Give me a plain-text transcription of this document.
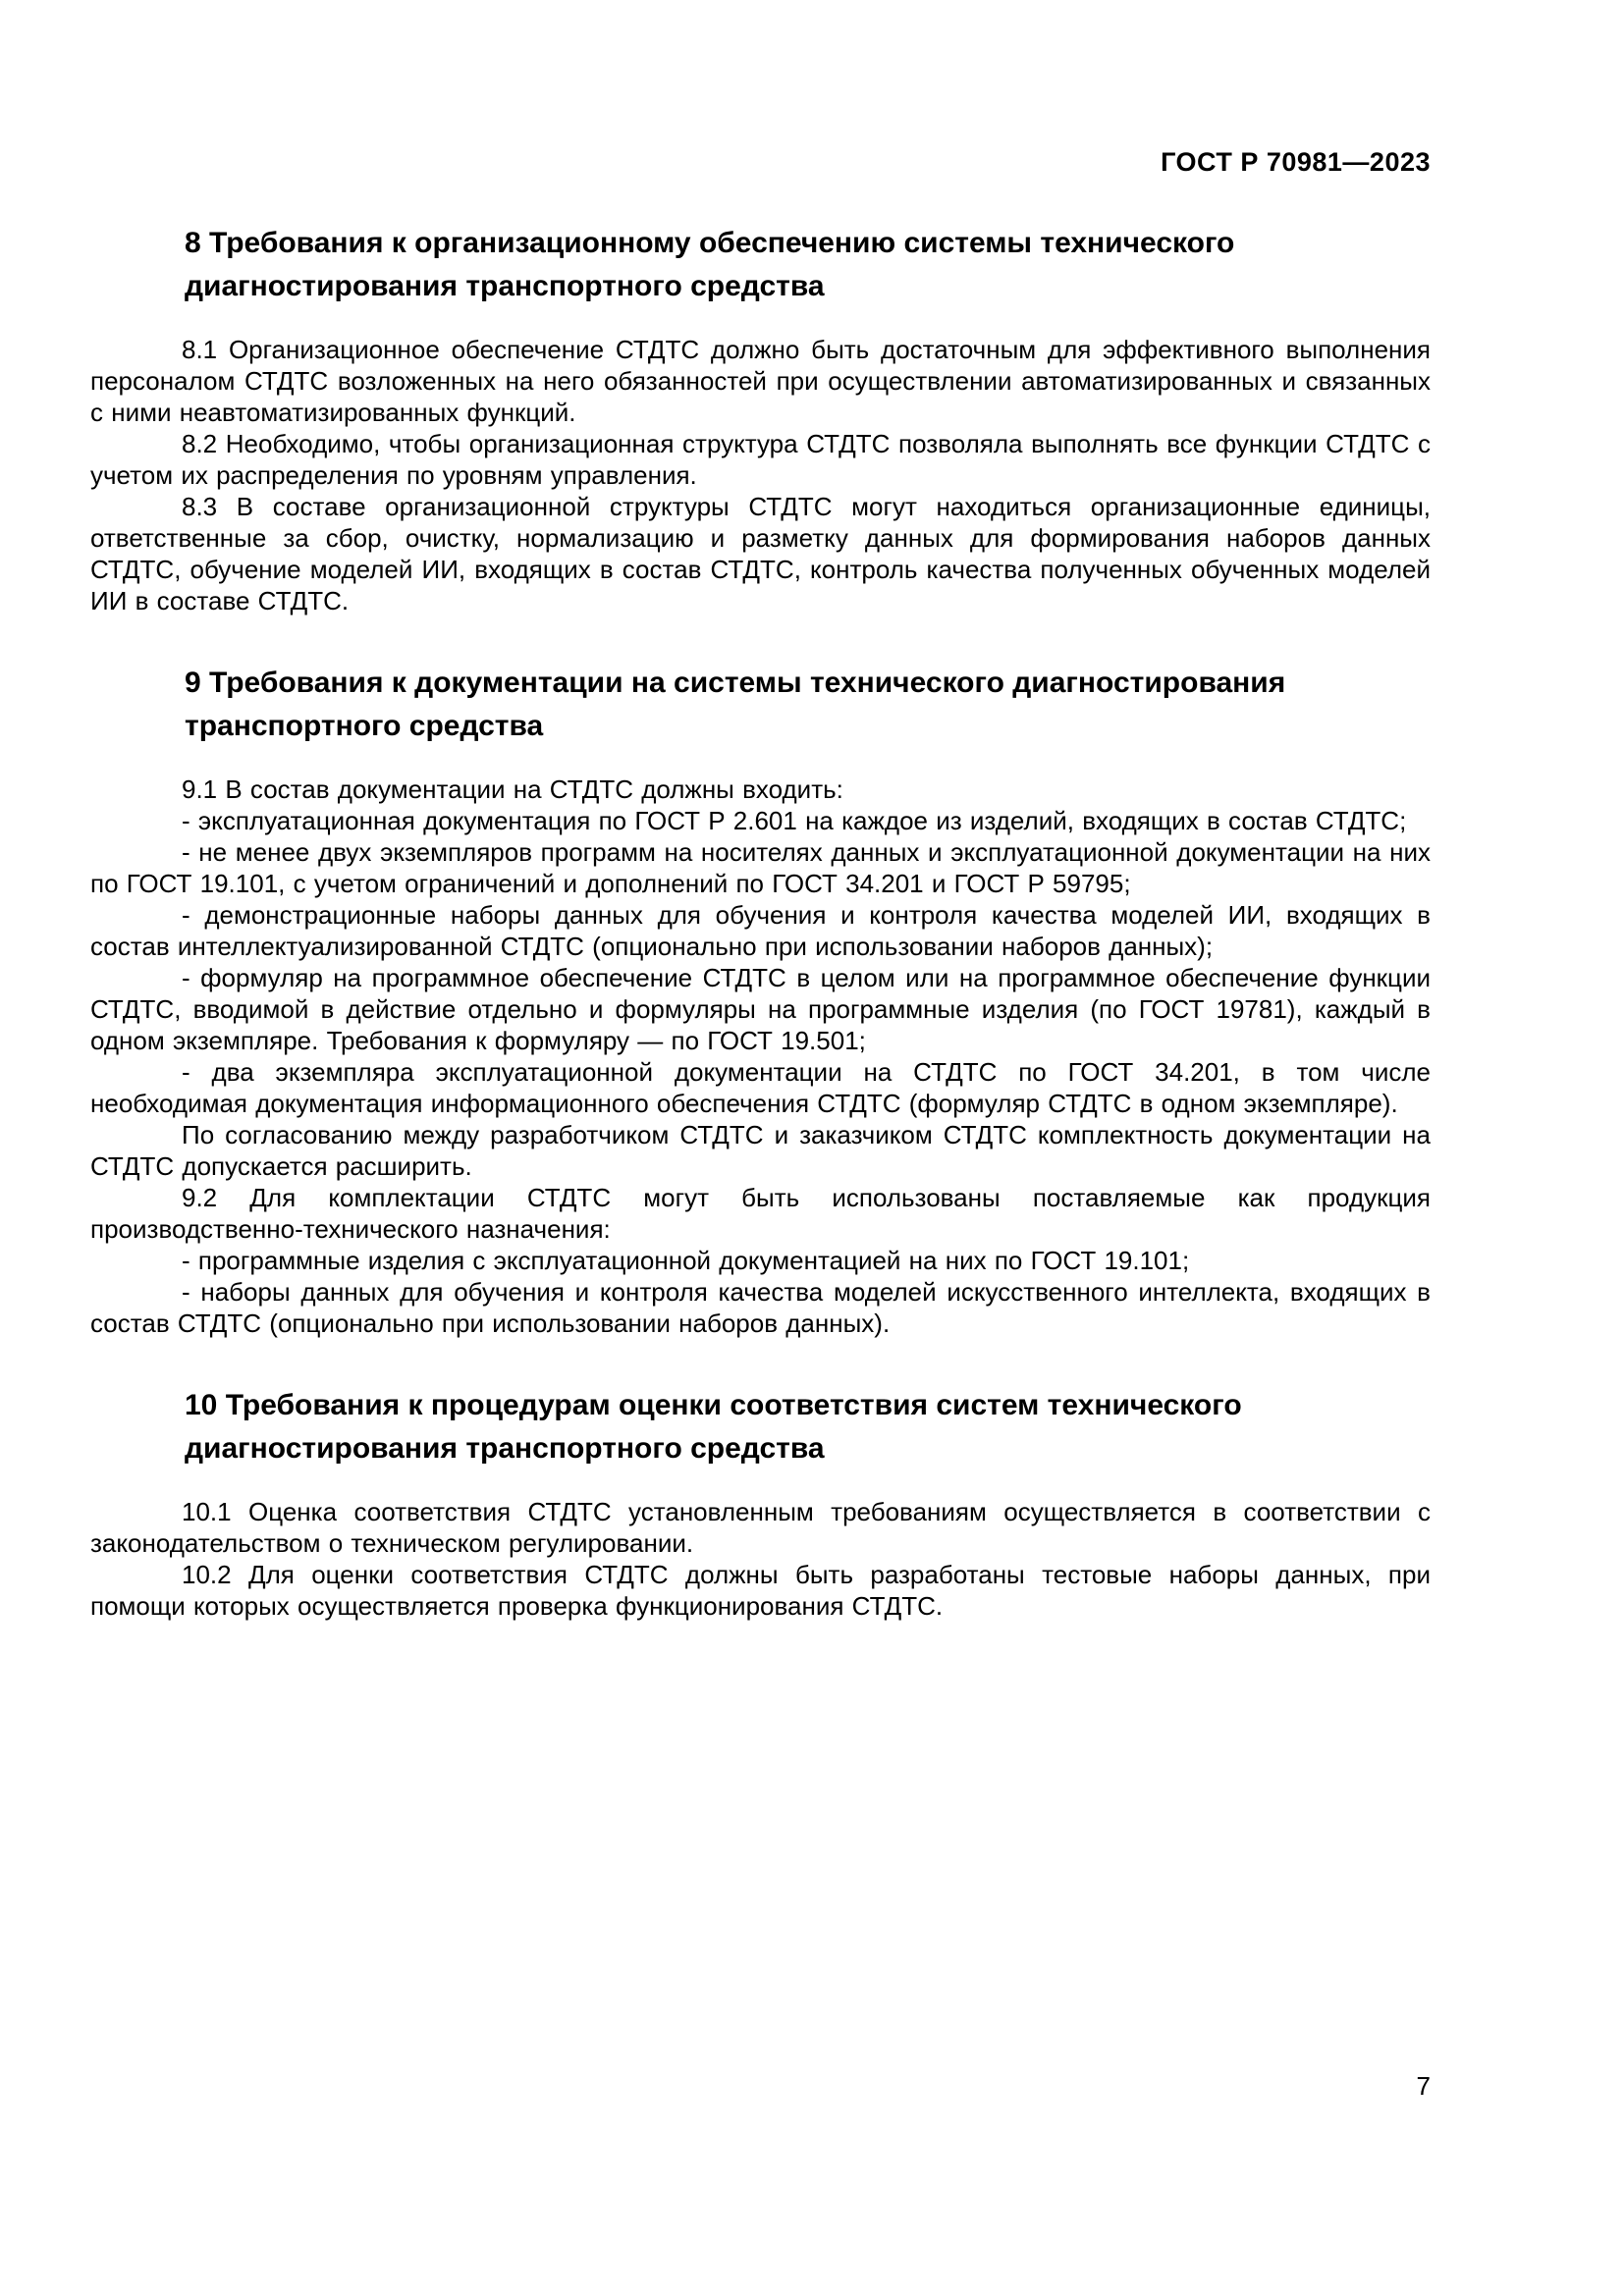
ГОСТ Р 70981—2023
8 Требования к организационному обеспечению системы технического диагностирования транспортного средства

8.1 Организационное обеспечение СТДТС должно быть достаточным для эффективного выполнения персоналом СТДТС возложенных на него обязанностей при осуществлении автоматизированных и связанных с ними неавтоматизированных функций.

8.2 Необходимо, чтобы организационная структура СТДТС позволяла выполнять все функции СТДТС с учетом их распределения по уровням управления.

8.3 В составе организационной структуры СТДТС могут находиться организационные единицы, ответственные за сбор, очистку, нормализацию и разметку данных для формирования наборов данных СТДТС, обучение моделей ИИ, входящих в состав СТДТС, контроль качества полученных обученных моделей ИИ в составе СТДТС.

9 Требования к документации на системы технического диагностирования транспортного средства

9.1 В состав документации на СТДТС должны входить:

- эксплуатационная документация по ГОСТ Р 2.601 на каждое из изделий, входящих в состав СТДТС;

- не менее двух экземпляров программ на носителях данных и эксплуатационной документации на них по ГОСТ 19.101, с учетом ограничений и дополнений по ГОСТ 34.201 и ГОСТ Р 59795;

- демонстрационные наборы данных для обучения и контроля качества моделей ИИ, входящих в состав интеллектуализированной СТДТС (опционально при использовании наборов данных);

- формуляр на программное обеспечение СТДТС в целом или на программное обеспечение функции СТДТС, вводимой в действие отдельно и формуляры на программные изделия (по ГОСТ 19781), каждый в одном экземпляре. Требования к формуляру — по ГОСТ 19.501;

- два экземпляра эксплуатационной документации на СТДТС по ГОСТ 34.201, в том числе необходимая документация информационного обеспечения СТДТС (формуляр СТДТС в одном экземпляре).

По согласованию между разработчиком СТДТС и заказчиком СТДТС комплектность документации на СТДТС допускается расширить.

9.2 Для комплектации СТДТС могут быть использованы поставляемые как продукция производственно-технического назначения:

- программные изделия с эксплуатационной документацией на них по ГОСТ 19.101;

- наборы данных для обучения и контроля качества моделей искусственного интеллекта, входящих в состав СТДТС (опционально при использовании наборов данных).

10 Требования к процедурам оценки соответствия систем технического диагностирования транспортного средства

10.1 Оценка соответствия СТДТС установленным требованиям осуществляется в соответствии с законодательством о техническом регулировании.

10.2 Для оценки соответствия СТДТС должны быть разработаны тестовые наборы данных, при помощи которых осуществляется проверка функционирования СТДТС.

7
